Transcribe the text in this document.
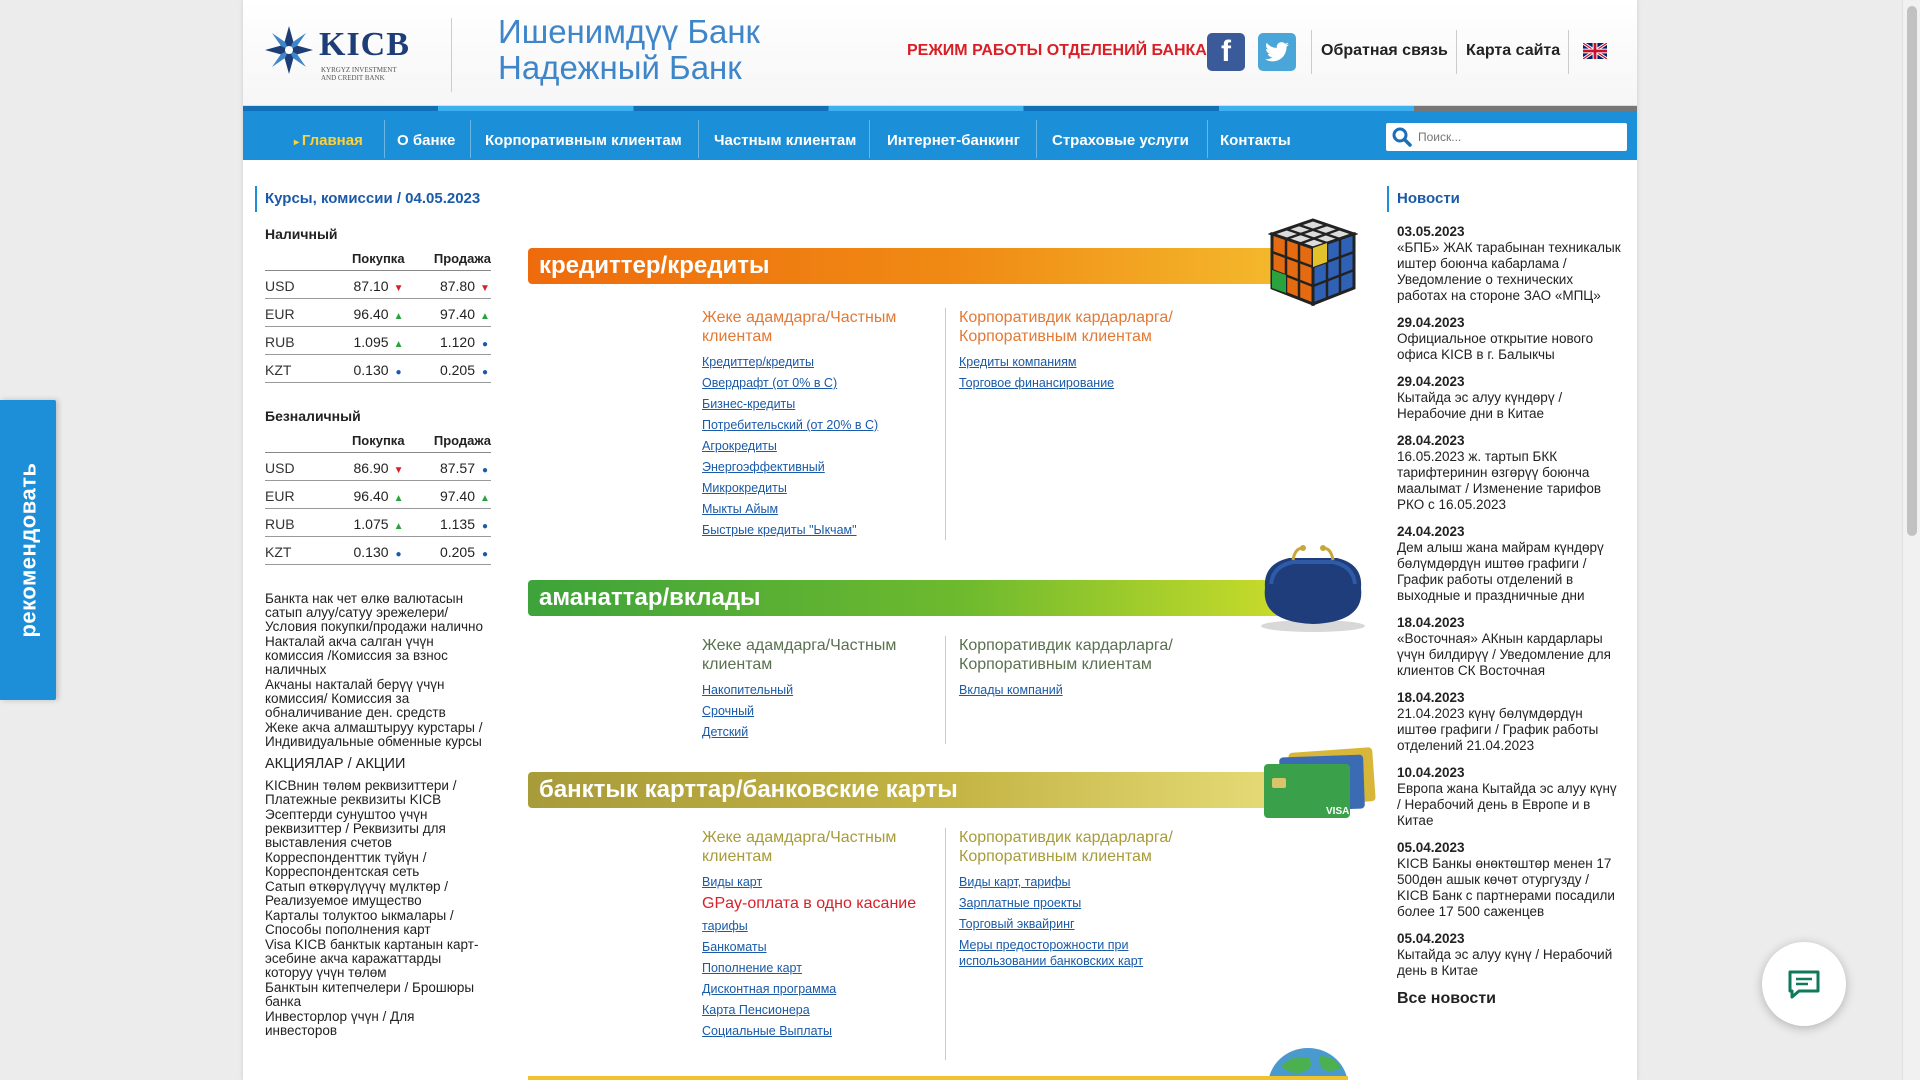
рекомендовать
KICB
KYRGYZ INVESTMENT
AND CREDIT BANK
Ишенимдүү Банк
Надежный Банк	РЕЖИМ РАБОТЫ ОТДЕЛЕНИЙ БАНКА f	Обратная связь Карта сайта
▸ Главная О банке Корпоративным клиентам Частным клиентам Интернет-банкинг Страховые услуги Контакты
Поиск...
Курсы, комиссии / 04.05.2023
Наличный
	Покупка	Продажа
USD	87.10 ▼	87.80 ▼
EUR	96.40 ▲	97.40 ▲
RUB	1.095 ▲	1.120 ●
KZT	0.130 ●	0.205 ●
Безналичный
	Покупка	Продажа
USD	86.90 ▼	87.57 ●
EUR	96.40 ▲	97.40 ▲
RUB	1.075 ▲	1.135 ●
KZT	0.130 ●	0.205 ●
Банкта нак чет өлкө валютасын сатып алуу/сатуу эрежелери/ Условия покупки/продажи налично
Накталай акча салган үчүн комиссия /Комиссия за взнос наличных
Акчаны накталай берүү үчүн комиссия/ Комиссия за обналичивание ден. средств
Жеке акча алмаштыруу курстары / Индивидуальные обменные курсы
АКЦИЯЛАР / АКЦИИ
KICBнин төлөм реквизиттери / Платежные реквизиты KICB
Эсептерди сунуштоо үчүн реквизиттер / Реквизиты для выставления счетов
Корреспонденттик түйүн / Корреспондентская сеть
Сатып өткөрүлүүчү мүлктөр / Реализуемое имущество
Карталы толуктоо ыкмалары / Способы пополнения карт
Visa KICB банктык картанын карт-эсебине акча каражаттарды которуу үчүн төлөм
Банктын китепчелери / Брошюры банка
Инвесторлор үчүн / Для инвесторов
кредиттер/кредиты
Жеке адамдарга/Частным клиентам
Кредиттер/кредиты
Овердрафт (от 0% в С)
Бизнес-кредиты
Потребительский (от 20% в С)
Агрокредиты
Энергоэффективный
Микрокредиты
Мыкты Айым
Быстрые кредиты "Ыкчам"
Корпоративдик кардарларга/ Корпоративным клиентам
Кредиты компаниям
Торговое финансирование
аманаттар/вклады
Жеке адамдарга/Частным клиентам
Накопительный
Срочный
Детский
Корпоративдик кардарларга/ Корпоративным клиентам
Вклады компаний
банктык карттар/банковские карты
VISA
Жеке адамдарга/Частным клиентам
Виды карт
GPay-оплата в одно касание
тарифы
Банкоматы
Пополнение карт
Дисконтная программа
Карта Пенсионера
Социальные Выплаты
Корпоративдик кардарларга/ Корпоративным клиентам
Виды карт, тарифы
Зарплатные проекты
Торговый эквайринг
Меры предосторожности при использовании банковских карт
Новости
03.05.2023
«БПБ» ЖАК тарабынан техникалык иштер боюнча кабарлама / Уведомление о технических работах на стороне ЗАО «МПЦ»
29.04.2023
Официальное открытие нового офиса KICB в г. Балыкчы
29.04.2023
Кытайда эс алуу күндөрү / Нерабочие дни в Китае
28.04.2023
16.05.2023 ж. тартып БКК тарифтеринин өзгөрүү боюнча маалымат / Изменение тарифов РКО с 16.05.2023
24.04.2023
Дем алыш жана майрам күндөрү бөлүмдөрдүн иштөө графиги / График работы отделений в выходные и праздничные дни
18.04.2023
«Восточная» АКнын кардарлары үчүн билдирүү / Уведомление для клиентов СК Восточная
18.04.2023
21.04.2023 күнү бөлүмдөрдүн иштөө графиги / График работы отделений 21.04.2023
10.04.2023
Европа жана Кытайда эс алуу күнү / Нерабочий день в Европе и в Китае
05.04.2023
KICB Банкы өнөктөштөр менен 17 500дөн ашык көчөт отургузду / KICB Банк с партнерами посадили более 17 500 саженцев
05.04.2023
Кытайда эс алуу күнү / Нерабочий день в Китае
Все новости
